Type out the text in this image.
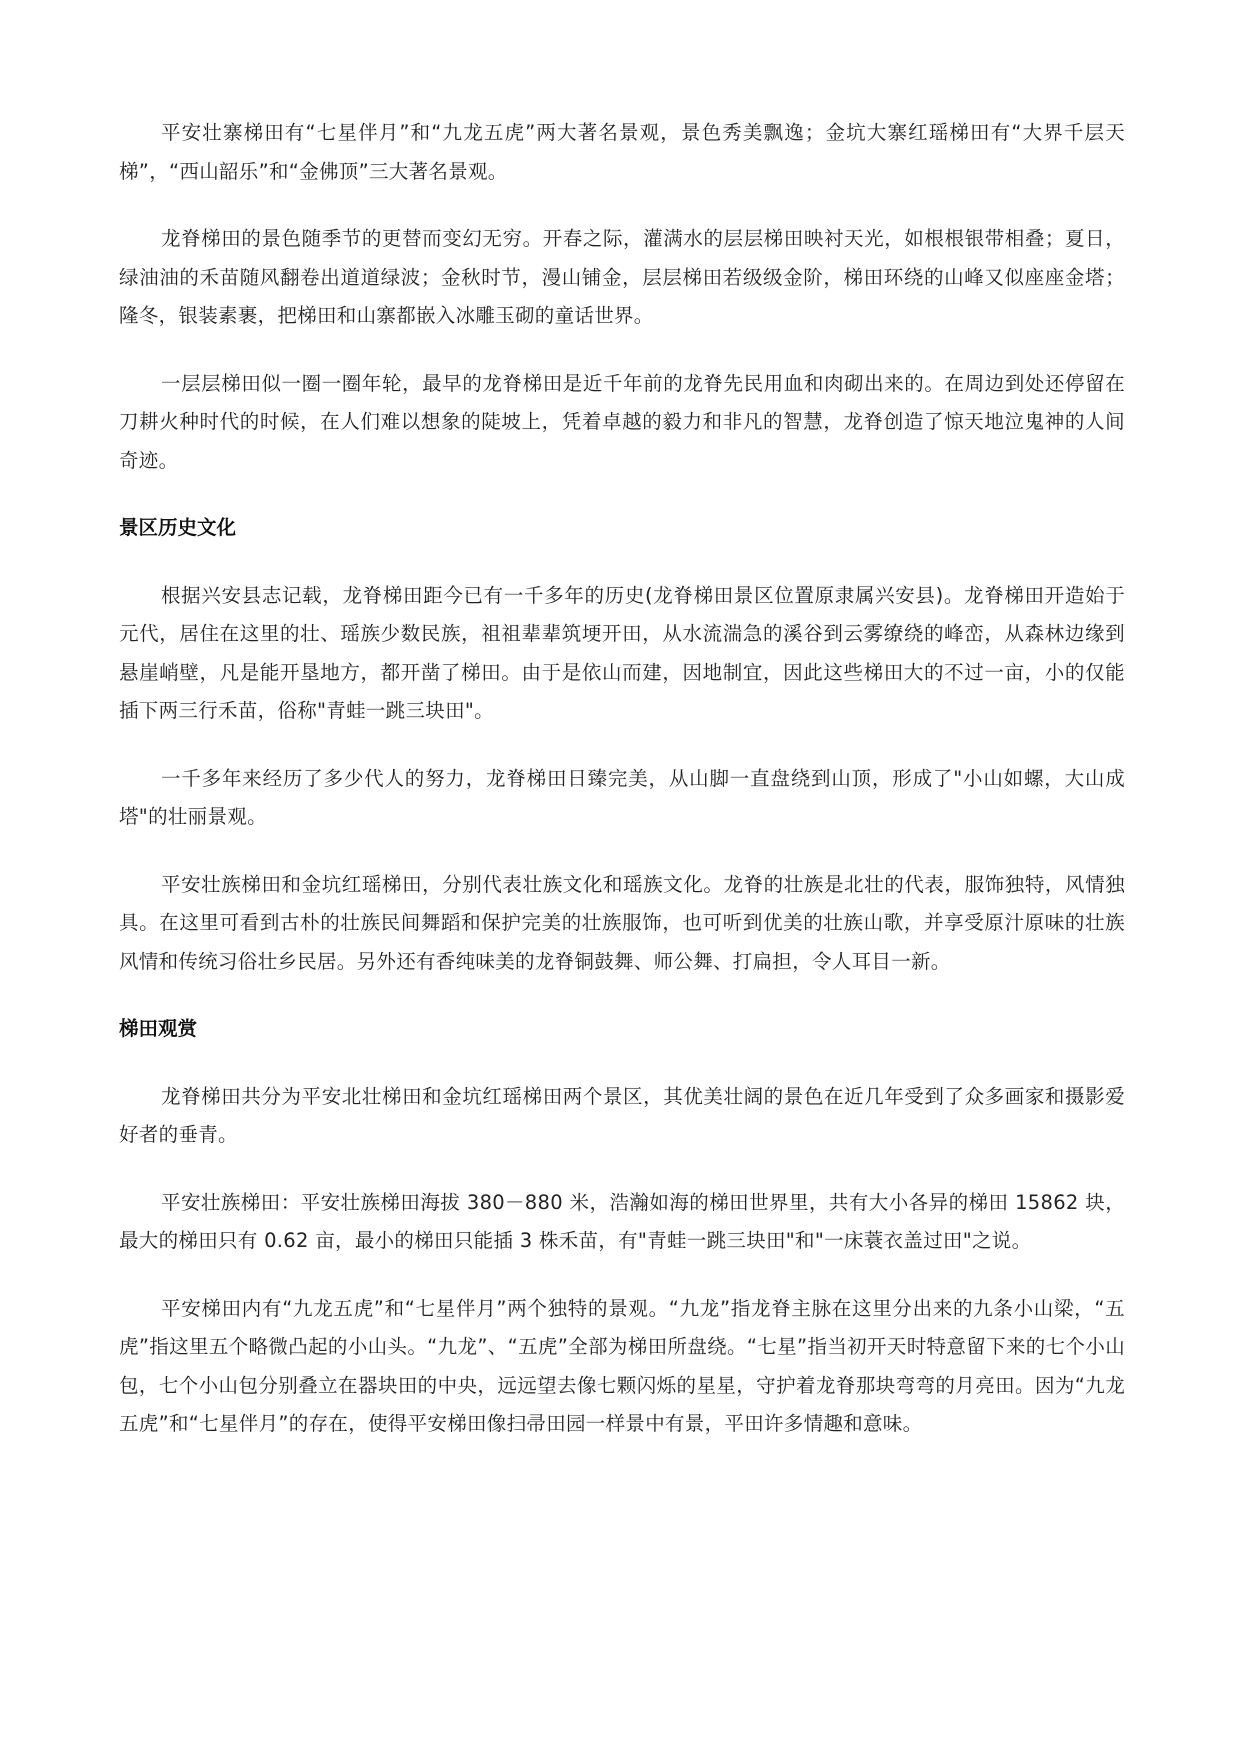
平安壮寨梯田有“七星伴月”和“九龙五虎”两大著名景观，景色秀美飘逸；金坑大寨红瑶梯田有“大界千层天梯”，“西山韶乐”和“金佛顶”三大著名景观。

龙脊梯田的景色随季节的更替而变幻无穷。开春之际，灌满水的层层梯田映衬天光，如根根银带相叠；夏日，绿油油的禾苗随风翻卷出道道绿波；金秋时节，漫山铺金，层层梯田若级级金阶，梯田环绕的山峰又似座座金塔；隆冬，银装素裹，把梯田和山寨都嵌入冰雕玉砌的童话世界。

一层层梯田似一圈一圈年轮，最早的龙脊梯田是近千年前的龙脊先民用血和肉砌出来的。在周边到处还停留在刀耕火种时代的时候，在人们难以想象的陡坡上，凭着卓越的毅力和非凡的智慧，龙脊创造了惊天地泣鬼神的人间奇迹。

景区历史文化

根据兴安县志记载，龙脊梯田距今已有一千多年的历史(龙脊梯田景区位置原隶属兴安县)。龙脊梯田开造始于元代，居住在这里的壮、瑶族少数民族，祖祖辈辈筑埂开田，从水流湍急的溪谷到云雾缭绕的峰峦，从森林边缘到悬崖峭壁，凡是能开垦地方，都开凿了梯田。由于是依山而建，因地制宜，因此这些梯田大的不过一亩，小的仅能插下两三行禾苗，俗称"青蛙一跳三块田"。

一千多年来经历了多少代人的努力，龙脊梯田日臻完美，从山脚一直盘绕到山顶，形成了"小山如螺，大山成塔"的壮丽景观。

平安壮族梯田和金坑红瑶梯田，分别代表壮族文化和瑶族文化。龙脊的壮族是北壮的代表，服饰独特，风情独具。在这里可看到古朴的壮族民间舞蹈和保护完美的壮族服饰，也可听到优美的壮族山歌，并享受原汁原味的壮族风情和传统习俗壮乡民居。另外还有香纯味美的龙脊铜鼓舞、师公舞、打扁担，令人耳目一新。

梯田观赏

龙脊梯田共分为平安北壮梯田和金坑红瑶梯田两个景区，其优美壮阔的景色在近几年受到了众多画家和摄影爱好者的垂青。

平安壮族梯田：平安壮族梯田海拔 380－880 米，浩瀚如海的梯田世界里，共有大小各异的梯田 15862 块，最大的梯田只有 0.62 亩，最小的梯田只能插 3 株禾苗，有"青蛙一跳三块田"和"一床蓑衣盖过田"之说。

平安梯田内有“九龙五虎”和“七星伴月”两个独特的景观。“九龙”指龙脊主脉在这里分出来的九条小山梁，“五虎”指这里五个略微凸起的小山头。“九龙”、“五虎”全部为梯田所盘绕。“七星”指当初开天时特意留下来的七个小山包，七个小山包分别叠立在器块田的中央，远远望去像七颗闪烁的星星，守护着龙脊那块弯弯的月亮田。因为“九龙五虎”和“七星伴月”的存在，使得平安梯田像扫帚田园一样景中有景，平田许多情趣和意味。
